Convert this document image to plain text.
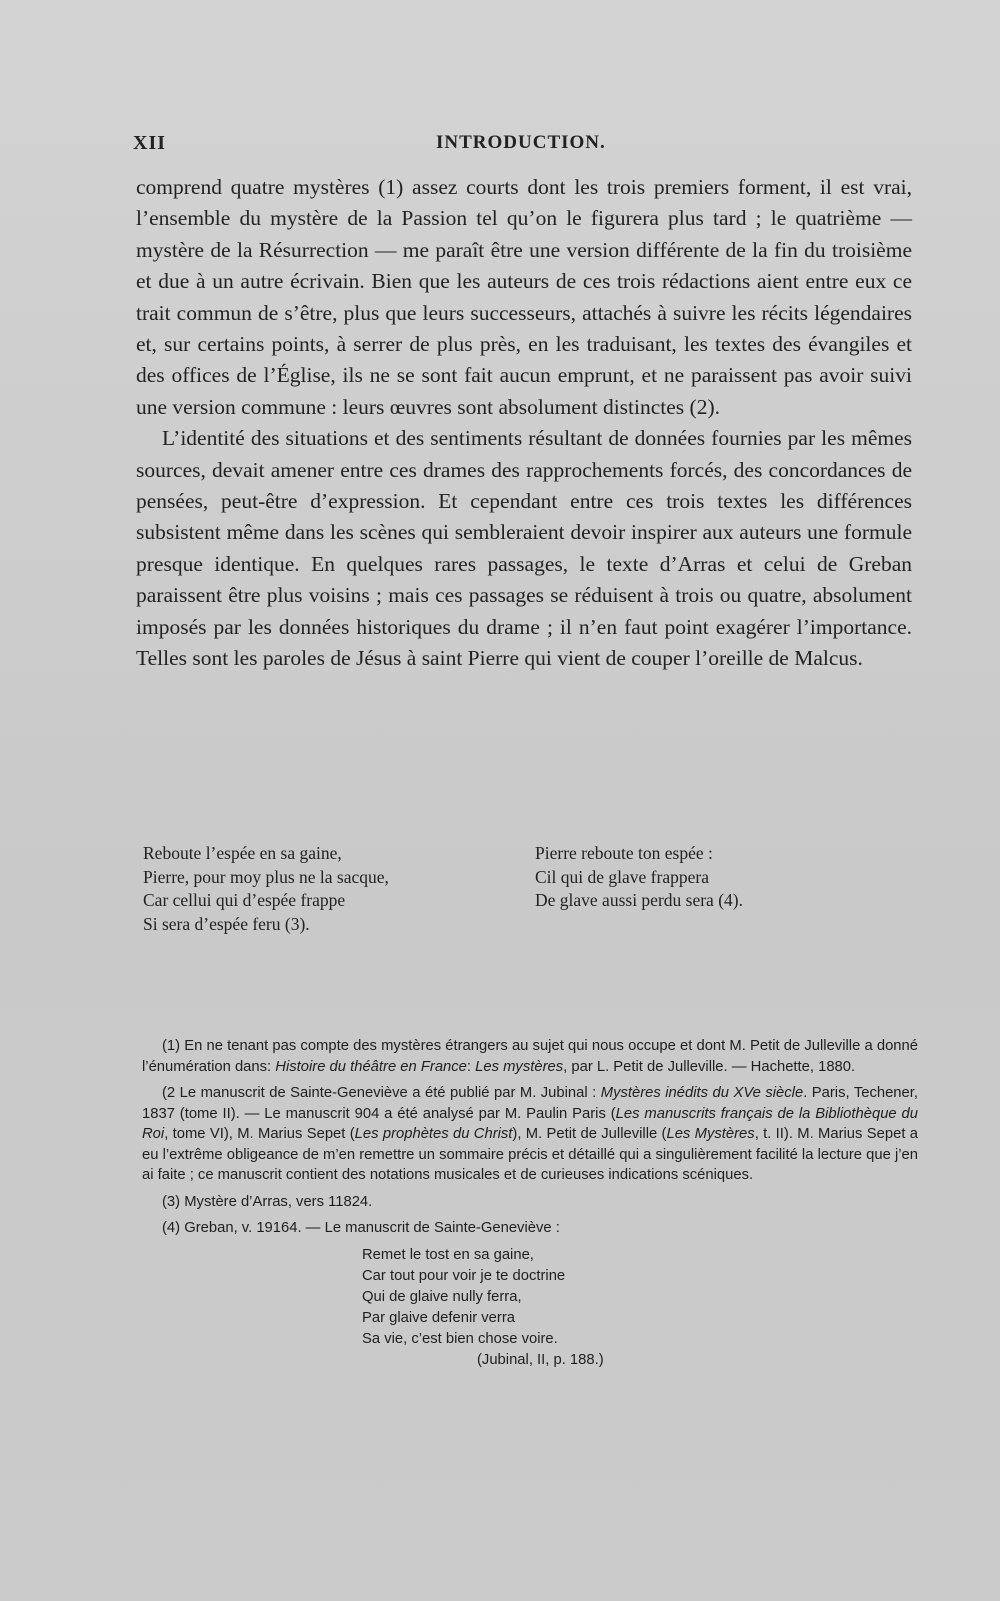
XII	INTRODUCTION.

comprend quatre mystères (1) assez courts dont les trois premiers forment, il est vrai, l’ensemble du mystère de la Passion tel qu’on le figurera plus tard ; le quatrième — mystère de la Résurrection — me paraît être une version différente de la fin du troisième et due à un autre écrivain. Bien que les auteurs de ces trois rédactions aient entre eux ce trait commun de s’être, plus que leurs successeurs, attachés à suivre les récits légendaires et, sur certains points, à serrer de plus près, en les traduisant, les textes des évangiles et des offices de l’Église, ils ne se sont fait aucun emprunt, et ne paraissent pas avoir suivi une version commune : leurs œuvres sont absolument distinctes (2).

L’identité des situations et des sentiments résultant de données fournies par les mêmes sources, devait amener entre ces drames des rapprochements forcés, des concordances de pensées, peut-être d’expression. Et cependant entre ces trois textes les différences subsistent même dans les scènes qui sembleraient devoir inspirer aux auteurs une formule presque identique. En quelques rares passages, le texte d’Arras et celui de Greban paraissent être plus voisins ; mais ces passages se réduisent à trois ou quatre, absolument imposés par les données historiques du drame ; il n’en faut point exagérer l’importance. Telles sont les paroles de Jésus à saint Pierre qui vient de couper l’oreille de Malcus.

Reboute l’espée en sa gaine,
Pierre, pour moy plus ne la sacque,
Car cellui qui d’espée frappe
Si sera d’espée feru (3).
Pierre reboute ton espée :
Cil qui de glave frappera
De glave aussi perdu sera (4).

(1) En ne tenant pas compte des mystères étrangers au sujet qui nous occupe et dont M. Petit de Julleville a donné l’énumération dans: Histoire du théâtre en France: Les mystères, par L. Petit de Julleville. — Hachette, 1880.

(2 Le manuscrit de Sainte-Geneviève a été publié par M. Jubinal : Mystères inédits du XVe siècle. Paris, Techener, 1837 (tome II). — Le manuscrit 904 a été analysé par M. Paulin Paris (Les manuscrits français de la Bibliothèque du Roi, tome VI), M. Marius Sepet (Les prophètes du Christ), M. Petit de Julleville (Les Mystères, t. II). M. Marius Sepet a eu l’extrême obligeance de m’en remettre un sommaire précis et détaillé qui a singulièrement facilité la lecture que j’en ai faite ; ce manuscrit contient des notations musicales et de curieuses indications scéniques.

(3) Mystère d’Arras, vers 11824.

(4) Greban, v. 19164. — Le manuscrit de Sainte-Geneviève :

Remet le tost en sa gaine,
Car tout pour voir je te doctrine
Qui de glaive nully ferra,
Par glaive defenir verra
Sa vie, c’est bien chose voire.
(Jubinal, II, p. 188.)
